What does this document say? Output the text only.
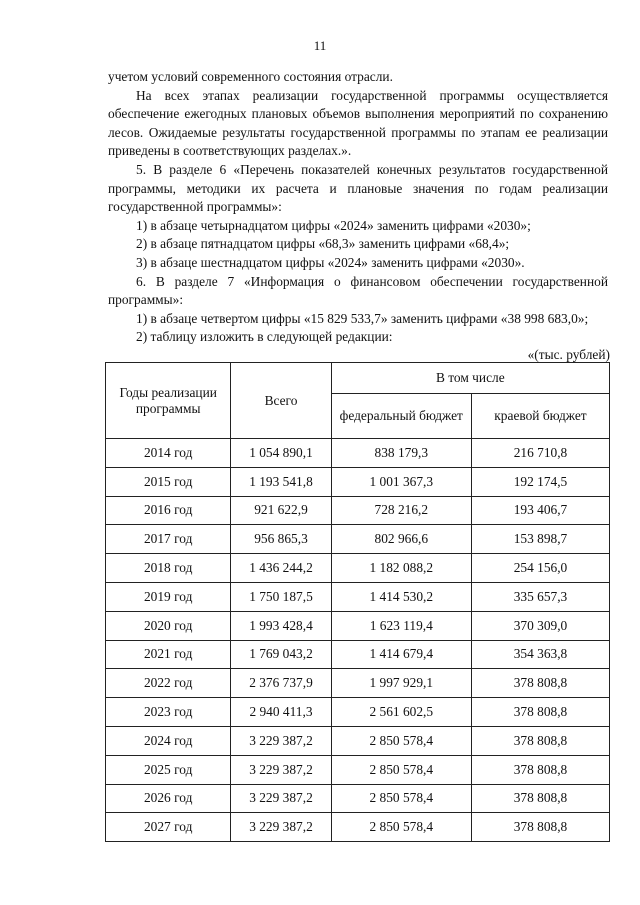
11

учетом условий современного состояния отрасли.

На всех этапах реализации государственной программы осуществляется обеспечение ежегодных плановых объемов выполнения мероприятий по сохранению лесов. Ожидаемые результаты государственной программы по этапам ее реализации приведены в соответствующих разделах.».

5. В разделе 6 «Перечень показателей конечных результатов государственной программы, методики их расчета и плановые значения по годам реализации государственной программы»:

1) в абзаце четырнадцатом цифры «2024» заменить цифрами «2030»;

2) в абзаце пятнадцатом цифры «68,3» заменить цифрами «68,4»;

3) в абзаце шестнадцатом цифры «2024» заменить цифрами «2030».

6. В разделе 7 «Информация о финансовом обеспечении государственной программы»:

1) в абзаце четвертом цифры «15 829 533,7» заменить цифрами «38 998 683,0»;

2) таблицу изложить в следующей редакции:

«(тыс. рублей)
Годы реализации программы	Всего	В том числе	
		федеральный бюджет	краевой бюджет
2014 год	1 054 890,1	838 179,3	216 710,8
2015 год	1 193 541,8	1 001 367,3	192 174,5
2016 год	921 622,9	728 216,2	193 406,7
2017 год	956 865,3	802 966,6	153 898,7
2018 год	1 436 244,2	1 182 088,2	254 156,0
2019 год	1 750 187,5	1 414 530,2	335 657,3
2020 год	1 993 428,4	1 623 119,4	370 309,0
2021 год	1 769 043,2	1 414 679,4	354 363,8
2022 год	2 376 737,9	1 997 929,1	378 808,8
2023 год	2 940 411,3	2 561 602,5	378 808,8
2024 год	3 229 387,2	2 850 578,4	378 808,8
2025 год	3 229 387,2	2 850 578,4	378 808,8
2026 год	3 229 387,2	2 850 578,4	378 808,8
2027 год	3 229 387,2	2 850 578,4	378 808,8
